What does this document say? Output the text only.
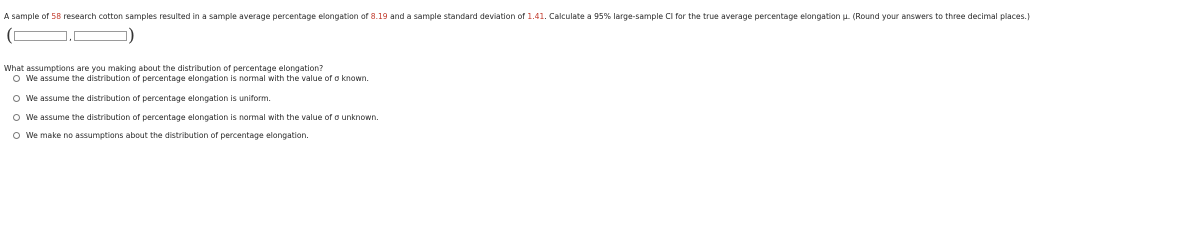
A sample of 58 research cotton samples resulted in a sample average percentage elongation of 8.19 and a sample standard deviation of 1.41. Calculate a 95% large-sample CI for the true average percentage elongation μ. (Round your answers to three decimal places.)
(	,	)
What assumptions are you making about the distribution of percentage elongation?
We assume the distribution of percentage elongation is normal with the value of σ known.
We assume the distribution of percentage elongation is uniform.
We assume the distribution of percentage elongation is normal with the value of σ unknown.
We make no assumptions about the distribution of percentage elongation.
